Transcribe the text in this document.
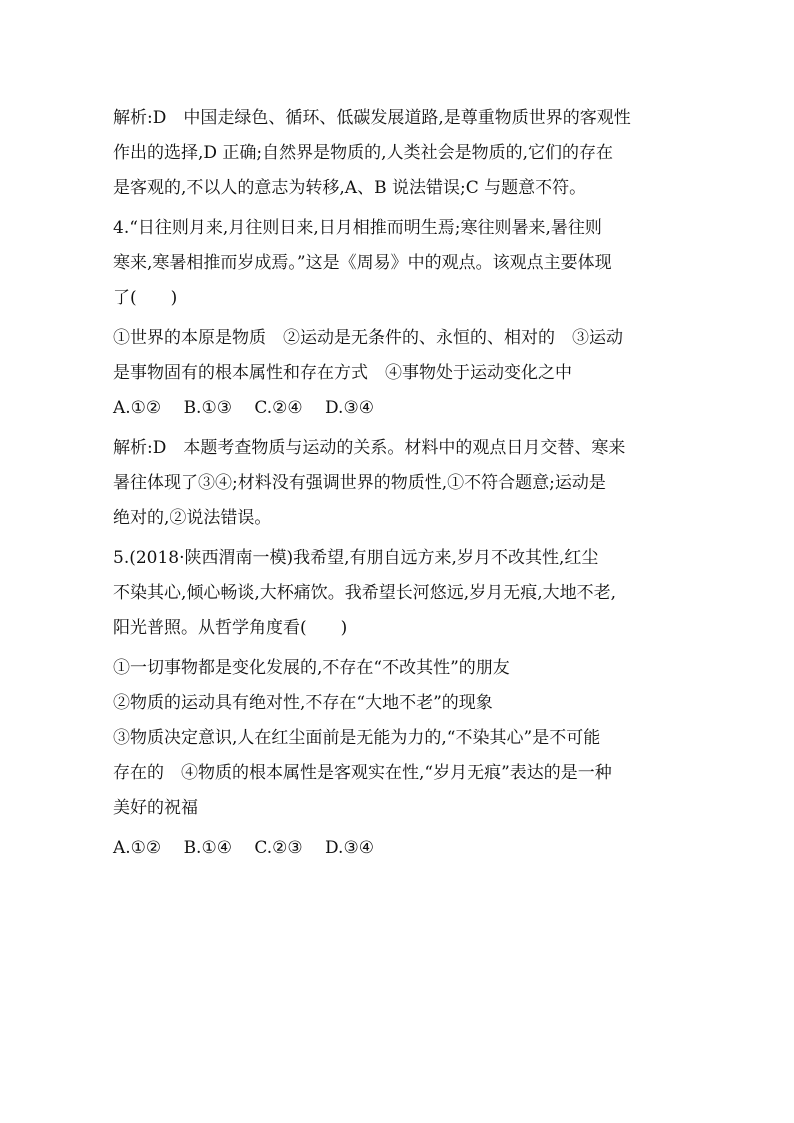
解析:D　中国走绿色、循环、低碳发展道路,是尊重物质世界的客观性

作出的选择,D 正确;自然界是物质的,人类社会是物质的,它们的存在

是客观的,不以人的意志为转移,A、B 说法错误;C 与题意不符。

4.“日往则月来,月往则日来,日月相推而明生焉;寒往则暑来,暑往则

寒来,寒暑相推而岁成焉。”这是《周易》中的观点。该观点主要体现

了(　　)

①世界的本原是物质　②运动是无条件的、永恒的、相对的　③运动

是事物固有的根本属性和存在方式　④事物处于运动变化之中

A.①②　 B.①③　 C.②④　 D.③④

解析:D　本题考查物质与运动的关系。材料中的观点日月交替、寒来

暑往体现了③④;材料没有强调世界的物质性,①不符合题意;运动是

绝对的,②说法错误。

5.(2018·陕西渭南一模)我希望,有朋自远方来,岁月不改其性,红尘

不染其心,倾心畅谈,大杯痛饮。我希望长河悠远,岁月无痕,大地不老,

阳光普照。从哲学角度看(　　)

①一切事物都是变化发展的,不存在“不改其性”的朋友

②物质的运动具有绝对性,不存在“大地不老”的现象

③物质决定意识,人在红尘面前是无能为力的,“不染其心”是不可能

存在的　④物质的根本属性是客观实在性,“岁月无痕”表达的是一种

美好的祝福

A.①②　 B.①④　 C.②③　 D.③④
